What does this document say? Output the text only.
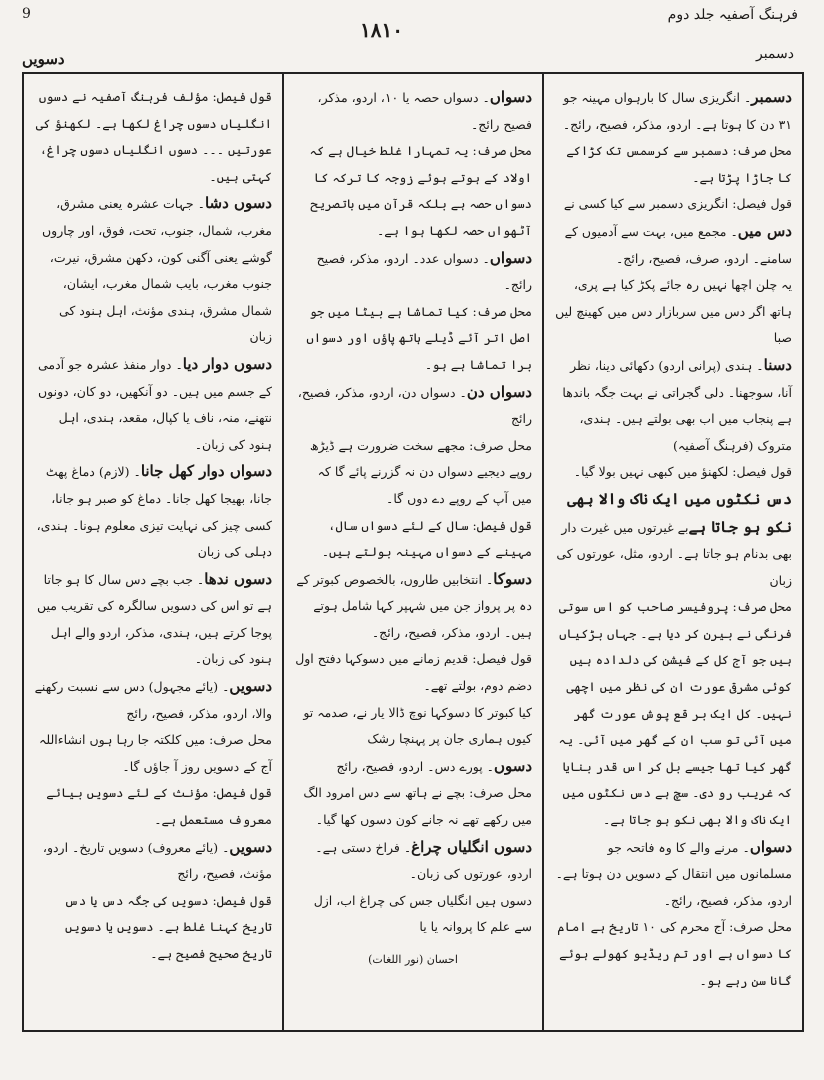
9	فرہنگ آصفیہ جلد دوم
۱۸۱۰
دسویں	دسمبر

دسمبر۔ انگریزی سال کا بارہواں مہینہ جو ۳۱ دن کا ہوتا ہے۔ اردو، مذکر، فصیح، رائج۔

محل صرف: دسمبر سے کرسمس تک کڑاکے کا جاڑا پڑتا ہے۔

قول فیصل: انگریزی دسمبر سے کیا کسی نے

دس میں۔ مجمع میں، بہت سے آدمیوں کے سامنے۔ اردو، صرف، فصیح، رائج۔

یہ چلن اچھا نہیں رہ جائے پکڑ کیا ہے پری، ہاتھ اگر دس میں سربازار دس میں کھینچ لیں صبا

دسنا۔ ہندی (پرانی اردو) دکھائی دینا، نظر آنا، سوجھنا۔ دلی گجراتی نے بہت جگہ باندھا ہے پنجاب میں اب بھی بولتے ہیں۔ ہندی، متروک (فرہنگ آصفیہ)

قول فیصل: لکھنؤ میں کبھی نہیں بولا گیا۔

دس نکٹوں میں ایک ناک والا بھی نکو ہو جاتا ہےبے غیرتوں میں غیرت دار بھی بدنام ہو جاتا ہے۔ اردو، مثل، عورتوں کی زبان

محل صرف: پروفیسر صاحب کو اس سوتی فرنگی نے بیرن کر دیا ہے۔ جہاں بڑکیاں ہیں جو آج کل کے فیشن کی دلدادہ ہیں کوئی مشرقی عورت ان کی نظر میں اچھی نہیں۔ کل ایک بر قع پوش عورت گھر میں آئی تو سب ان کے گھر میں آئی۔ یہ گھر کیا تھا جیسے بل کر اس قدر بنایا کہ غریب رو دی۔ سچ ہے دس نکٹوں میں ایک ناک والا بھی نکو ہو جاتا ہے۔

دسواں۔ مرنے والے کا وہ فاتحہ جو مسلمانوں میں انتقال کے دسویں دن ہوتا ہے۔ اردو، مذکر، فصیح، رائج۔

محل صرف: آج محرم کی ۱۰ تاریخ ہے امام کا دسواں ہے اور تم ریڈیو کھولے ہوئے گانا سن رہے ہو۔

دسواں۔ دسواں حصہ یا ۱۰، اردو، مذکر، فصیح رائج۔

محل صرف: یہ تمہارا غلط خیال ہے کہ اولاد کے ہوتے ہوئے زوجہ کا ترکہ کا دسواں حصہ ہے بلکہ قرآن میں باتصریح آٹھواں حصہ لکھا ہوا ہے۔

دسواں۔ دسواں عدد۔ اردو، مذکر، فصیح رائج۔

محل صرف: کیا تماشا ہے بیٹا میں جو اصل اتر آئے ڈیلے ہاتھ پاؤں اور دسواں برا تماشا ہے ہو۔

دسواں دن۔ دسواں دن، اردو، مذکر، فصیح، رائج

محل صرف: مجھے سخت ضرورت ہے ڈیڑھ روپے دیجیے دسواں دن نہ گزرنے پائے گا کہ میں آپ کے روپے دے دوں گا۔

قول فیصل: سال کے لئے دسواں سال، مہینے کے دسواں مہینہ بولتے ہیں۔

دسوکا۔ انتخابیں طاروں، بالخصوص کبوتر کے دہ پر پرواز جن میں شہپر کہا شامل ہوتے ہیں۔ اردو، مذکر، فصیح، رائج۔

قول فیصل: قدیم زمانے میں دسوکہا دفتح اول دضم دوم، بولتے تھے۔

کیا کبوتر کا دسوکہا نوچ ڈالا یار نے، صدمہ تو کیوں ہماری جان پر پہنچا رشک

دسوں۔ پورے دس۔ اردو، فصیح، رائج

محل صرف: بچے نے ہاتھ سے دس امرود الگ میں رکھے تھے نہ جانے کون دسوں کھا گیا۔

دسوں انگلیاں چراغ۔ فراخ دستی ہے۔ اردو، عورتوں کی زبان۔

دسوں ہیں انگلیاں جس کی چراغ اب، ازل سے علم کا پروانہ یا یا

احسان (نور اللغات)

قول فیصل: مؤلف فرہنگ آصفیہ نے دسوں انگلیاں دسوں چراغ لکھا ہے۔ لکھنؤ کی عورتیں ۔۔۔ دسوں انگلیاں دسوں چراغ، کہتی ہیں۔

دسوں دشا۔ جہات عشرہ یعنی مشرق، مغرب، شمال، جنوب، تحت، فوق، اور چاروں گوشے یعنی آگنی کون، دکھن مشرق، نیرت، جنوب مغرب، بایب شمال مغرب، ایشان، شمال مشرق، ہندی مؤنث، اہل ہنود کی زبان

دسوں دوار دیا۔ دوار منفذ عشرہ جو آدمی کے جسم میں ہیں۔ دو آنکھیں، دو کان، دونوں نتھنے، منہ، ناف یا کپال، مقعد، ہندی، اہل ہنود کی زبان۔

دسواں دوار کھل جانا۔ (لازم) دماغ پھٹ جانا، بھیجا کھل جانا۔ دماغ کو صبر ہو جانا، کسی چیز کی نہایت تیزی معلوم ہونا۔ ہندی، دہلی کی زبان

دسوں ندھا۔ جب بچے دس سال کا ہو جاتا ہے تو اس کی دسویں سالگرہ کی تقریب میں پوجا کرتے ہیں، ہندی، مذکر، اردو والے اہل ہنود کی زبان۔

دسویں۔ (یائے مجہول) دس سے نسبت رکھنے والا، اردو، مذکر، فصیح، رائج

محل صرف: میں کلکتہ جا رہا ہوں انشاءاللہ آج کے دسویں روز آ جاؤں گا۔

قول فیصل: مؤنث کے لئے دسویں بیائے معروف مستعمل ہے۔

دسویں۔ (یائے معروف) دسویں تاریخ۔ اردو، مؤنث، فصیح، رائج

قول فیصل: دسویں کی جگہ دس یا دس تاریخ کہنا غلط ہے۔ دسویں یا دسویں تاریخ صحیح فصیح ہے۔
